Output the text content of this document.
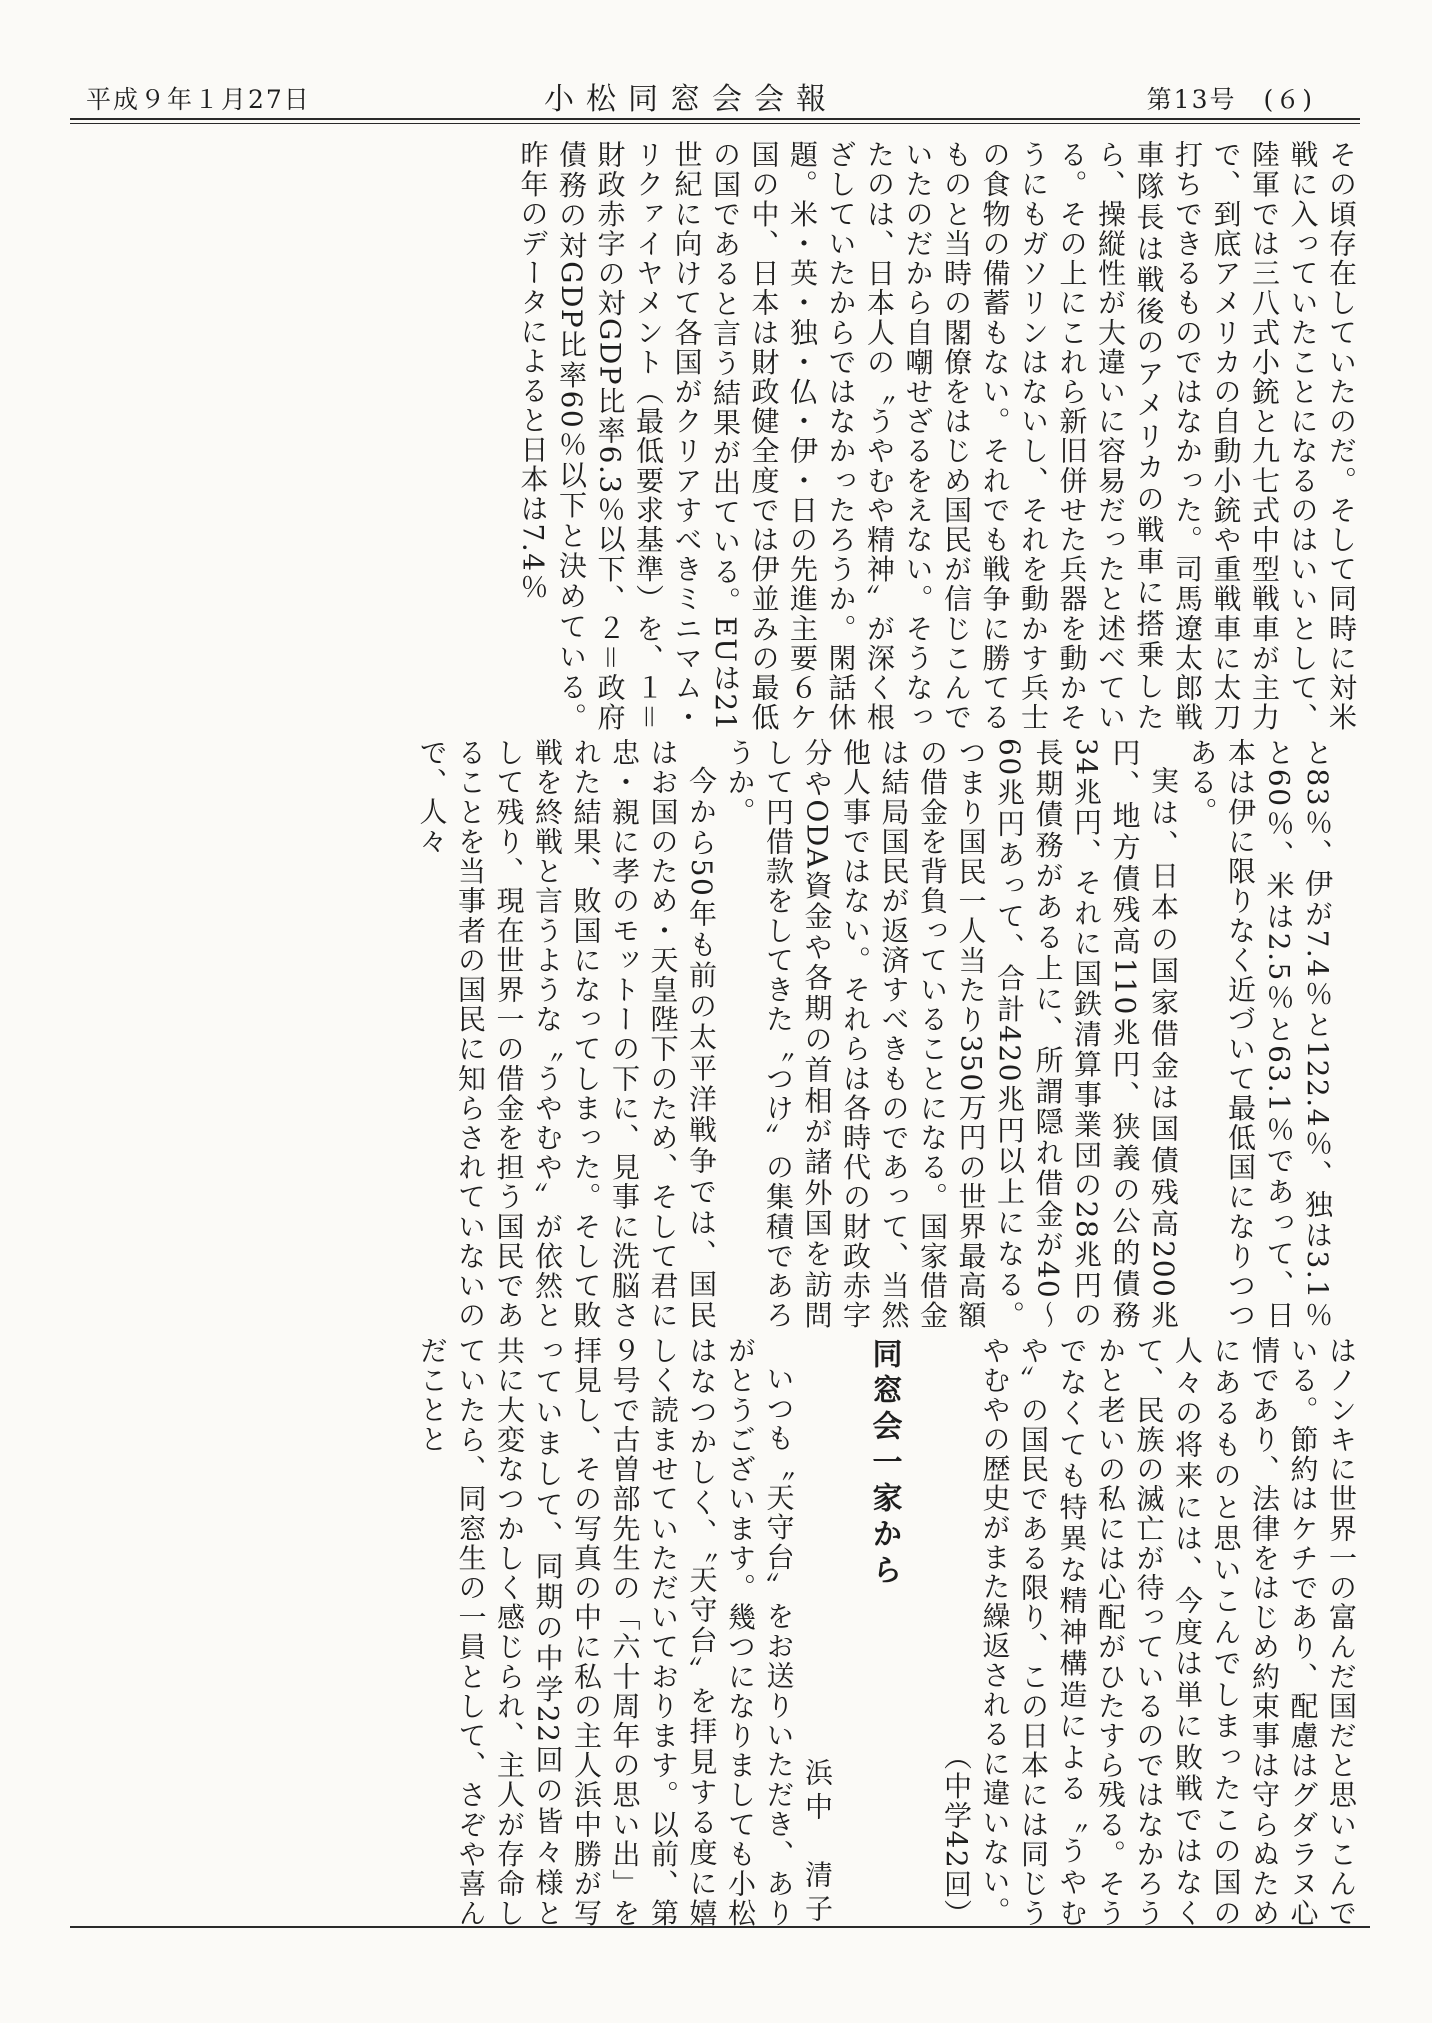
平成９年１月27日	小松同窓会会報	第13号　(６)

その頃存在していたのだ。そして同時に対米戦に入っていたことになるのはいいとして、陸軍では三八式小銃と九七式中型戦車が主力で、到底アメリカの自動小銃や重戦車に太刀打ちできるものではなかった。司馬遼太郎戦車隊長は戦後のアメリカの戦車に搭乗したら、操縦性が大違いに容易だったと述べている。その上にこれら新旧併せた兵器を動かそうにもガソリンはないし、それを動かす兵士の食物の備蓄もない。それでも戦争に勝てるものと当時の閣僚をはじめ国民が信じこんでいたのだから自嘲せざるをえない。そうなったのは、日本人の〝うやむや精神〟が深く根ざしていたからではなかったろうか。閑話休題。米・英・独・仏・伊・日の先進主要６ケ国の中、日本は財政健全度では伊並みの最低の国であると言う結果が出ている。EUは21世紀に向けて各国がクリアすべきミニマム・リクァイヤメント（最低要求基準）を、１＝財政赤字の対GDP比率6.3％以下、２＝政府債務の対GDP比率60％以下と決めている。昨年のデータによると日本は7.4％

と83％、伊が7.4％と122.4％、独は3.1％と60％、米は2.5％と63.1％であって、日本は伊に限りなく近づいて最低国になりつつある。

実は、日本の国家借金は国債残高200兆円、地方債残高110兆円、狭義の公的債務34兆円、それに国鉄清算事業団の28兆円の長期債務がある上に、所謂隠れ借金が40〜60兆円あって、合計420兆円以上になる。つまり国民一人当たり350万円の世界最高額の借金を背負っていることになる。国家借金は結局国民が返済すべきものであって、当然他人事ではない。それらは各時代の財政赤字分やODA資金や各期の首相が諸外国を訪問して円借款をしてきた〝つけ〟の集積であろうか。

今から50年も前の太平洋戦争では、国民はお国のため・天皇陛下のため、そして君に忠・親に孝のモットーの下に、見事に洗脳された結果、敗国になってしまった。そして敗戦を終戦と言うような〝うやむや〟が依然として残り、現在世界一の借金を担う国民であることを当事者の国民に知らされていないので、人々

はノンキに世界一の富んだ国だと思いこんでいる。節約はケチであり、配慮はグダラヌ心情であり、法律をはじめ約束事は守らぬためにあるものと思いこんでしまったこの国の人々の将来には、今度は単に敗戦ではなくて、民族の滅亡が待っているのではなかろうかと老いの私には心配がひたすら残る。そうでなくても特異な精神構造による〝うやむや〟の国民である限り、この日本には同じうやむやの歴史がまた繰返されるに違いない。

（中学42回）

同窓会一家から

浜中　清子

いつも〝天守台〟をお送りいただき、ありがとうございます。幾つになりましても小松はなつかしく、〝天守台〟を拝見する度に嬉しく読ませていただいております。以前、第９号で古曽部先生の「六十周年の思い出」を拝見し、その写真の中に私の主人浜中勝が写っていまして、同期の中学22回の皆々様と共に大変なつかしく感じられ、主人が存命していたら、同窓生の一員として、さぞや喜んだことと
